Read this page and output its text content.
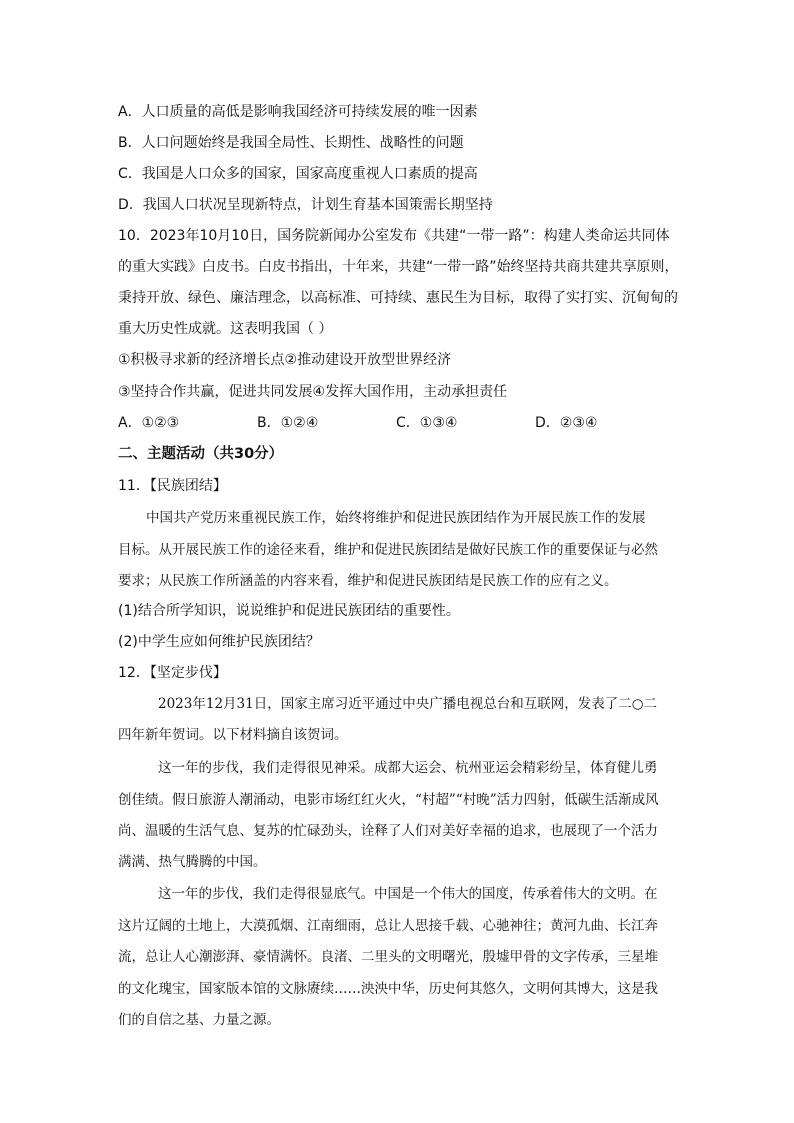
A．人口质量的高低是影响我国经济可持续发展的唯一因素
B．人口问题始终是我国全局性、长期性、战略性的问题
C．我国是人口众多的国家，国家高度重视人口素质的提高
D．我国人口状况呈现新特点，计划生育基本国策需长期坚持
10．2023年10月10日，国务院新闻办公室发布《共建“一带一路”：构建人类命运共同体
的重大实践》白皮书。白皮书指出，十年来，共建“一带一路”始终坚持共商共建共享原则，
秉持开放、绿色、廉洁理念，以高标准、可持续、惠民生为目标，取得了实打实、沉甸甸的
重大历史性成就。这表明我国（ ）
①积极寻求新的经济增长点②推动建设开放型世界经济
③坚持合作共赢，促进共同发展④发挥大国作用，主动承担责任
A．①②③	B．①②④	C．①③④	D．②③④
二、主题活动（共30分）
11．【民族团结】
中国共产党历来重视民族工作，始终将维护和促进民族团结作为开展民族工作的发展
目标。从开展民族工作的途径来看，维护和促进民族团结是做好民族工作的重要保证与必然
要求；从民族工作所涵盖的内容来看，维护和促进民族团结是民族工作的应有之义。
(1)结合所学知识，说说维护和促进民族团结的重要性。
(2)中学生应如何维护民族团结？
12．【坚定步伐】
2023年12月31日，国家主席习近平通过中央广播电视总台和互联网，发表了二○二
四年新年贺词。以下材料摘自该贺词。
这一年的步伐，我们走得很见神采。成都大运会、杭州亚运会精彩纷呈，体育健儿勇
创佳绩。假日旅游人潮涌动，电影市场红红火火，“村超”“村晚”活力四射，低碳生活渐成风
尚、温暖的生活气息、复苏的忙碌劲头，诠释了人们对美好幸福的追求，也展现了一个活力
满满、热气腾腾的中国。
这一年的步伐，我们走得很显底气。中国是一个伟大的国度，传承着伟大的文明。在
这片辽阔的土地上，大漠孤烟、江南细雨，总让人思接千载、心驰神往；黄河九曲、长江奔
流，总让人心潮澎湃、豪情满怀。良渚、二里头的文明曙光，殷墟甲骨的文字传承，三星堆
的文化瑰宝，国家版本馆的文脉赓续……泱泱中华，历史何其悠久，文明何其博大，这是我
们的自信之基、力量之源。
